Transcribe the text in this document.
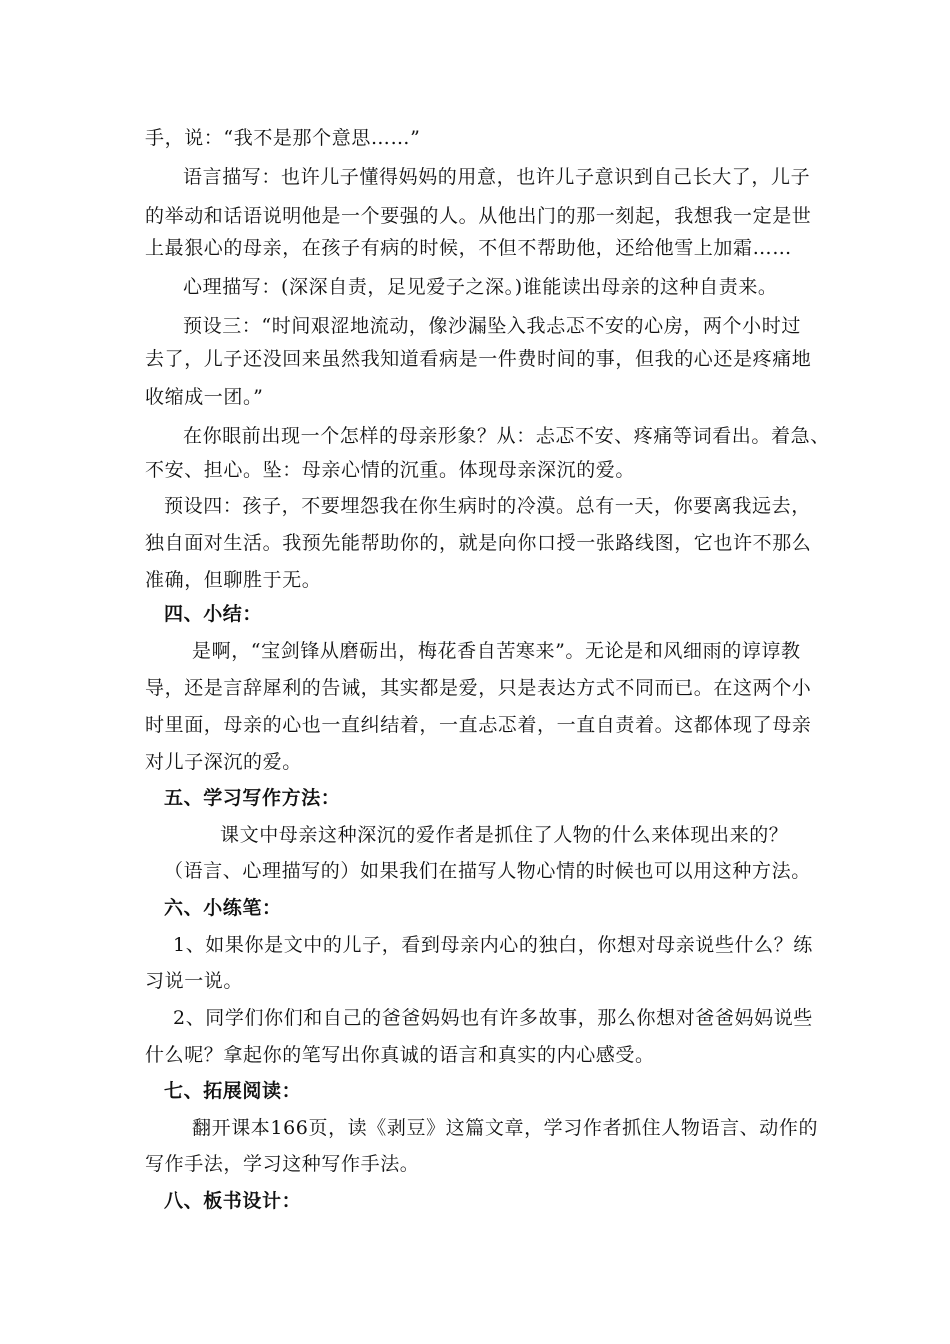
手，说：“我不是那个意思……”
语言描写：也许儿子懂得妈妈的用意，也许儿子意识到自己长大了，儿子
的举动和话语说明他是一个要强的人。从他出门的那一刻起，我想我一定是世
上最狠心的母亲，在孩子有病的时候，不但不帮助他，还给他雪上加霜……
心理描写：(深深自责，足见爱子之深。)谁能读出母亲的这种自责来。
预设三：“时间艰涩地流动，像沙漏坠入我忐忑不安的心房，两个小时过
去了，儿子还没回来虽然我知道看病是一件费时间的事，但我的心还是疼痛地
收缩成一团。”
在你眼前出现一个怎样的母亲形象？从：忐忑不安、疼痛等词看出。着急、
不安、担心。坠：母亲心情的沉重。体现母亲深沉的爱。
预设四：孩子，不要埋怨我在你生病时的冷漠。总有一天，你要离我远去，
独自面对生活。我预先能帮助你的，就是向你口授一张路线图，它也许不那么
准确，但聊胜于无。
四、小结：
是啊，“宝剑锋从磨砺出，梅花香自苦寒来”。无论是和风细雨的谆谆教
导，还是言辞犀利的告诫，其实都是爱，只是表达方式不同而已。在这两个小
时里面，母亲的心也一直纠结着，一直忐忑着，一直自责着。这都体现了母亲
对儿子深沉的爱。
五、学习写作方法：
课文中母亲这种深沉的爱作者是抓住了人物的什么来体现出来的？
（语言、心理描写的）如果我们在描写人物心情的时候也可以用这种方法。
六、小练笔：
1、如果你是文中的儿子，看到母亲内心的独白，你想对母亲说些什么？练
习说一说。
2、同学们你们和自己的爸爸妈妈也有许多故事，那么你想对爸爸妈妈说些
什么呢？拿起你的笔写出你真诚的语言和真实的内心感受。
七、拓展阅读：
翻开课本166页，读《剥豆》这篇文章，学习作者抓住人物语言、动作的
写作手法，学习这种写作手法。
八、板书设计：
